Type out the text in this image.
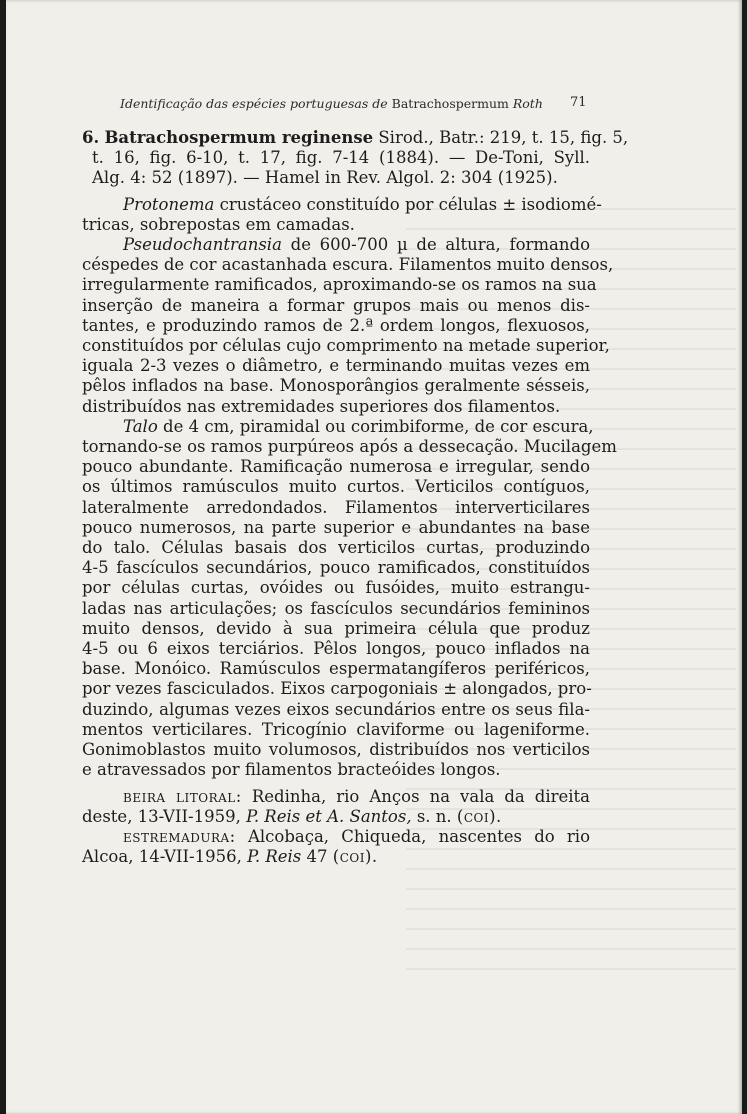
Identificação das espécies portuguesas de Batrachospermum Roth	71
6. Batrachospermum reginense Sirod., Batr.: 219, t. 15, fig. 5,
t. 16, fig. 6-10, t. 17, fig. 7-14 (1884). — De-Toni, Syll.
Alg. 4: 52 (1897). — Hamel in Rev. Algol. 2: 304 (1925).
Protonema crustáceo constituído por células ± isodiomé-
tricas, sobrepostas em camadas.
Pseudochantransia de 600-700 µ de altura, formando
céspedes de cor acastanhada escura. Filamentos muito densos,
irregularmente ramificados, aproximando-se os ramos na sua
inserção de maneira a formar grupos mais ou menos dis-
tantes, e produzindo ramos de 2.ª ordem longos, flexuosos,
constituídos por células cujo comprimento na metade superior,
iguala 2-3 vezes o diâmetro, e terminando muitas vezes em
pêlos inflados na base. Monosporângios geralmente sésseis,
distribuídos nas extremidades superiores dos filamentos.
Talo de 4 cm, piramidal ou corimbiforme, de cor escura,
tornando-se os ramos purpúreos após a dessecação. Mucilagem
pouco abundante. Ramificação numerosa e irregular, sendo
os últimos ramúsculos muito curtos. Verticilos contíguos,
lateralmente arredondados. Filamentos interverticilares
pouco numerosos, na parte superior e abundantes na base
do talo. Células basais dos verticilos curtas, produzindo
4-5 fascículos secundários, pouco ramificados, constituídos
por células curtas, ovóides ou fusóides, muito estrangu-
ladas nas articulações; os fascículos secundários femininos
muito densos, devido à sua primeira célula que produz
4-5 ou 6 eixos terciários. Pêlos longos, pouco inflados na
base. Monóico. Ramúsculos espermatangíferos periféricos,
por vezes fasciculados. Eixos carpogoniais ± alongados, pro-
duzindo, algumas vezes eixos secundários entre os seus fila-
mentos verticilares. Tricogínio claviforme ou lageniforme.
Gonimoblastos muito volumosos, distribuídos nos verticilos
e atravessados por filamentos bracteóides longos.
beira litoral: Redinha, rio Anços na vala da direita
deste, 13-VII-1959, P. Reis et A. Santos, s. n. (coi).
estremadura: Alcobaça, Chiqueda, nascentes do rio
Alcoa, 14-VII-1956, P. Reis 47 (coi).
